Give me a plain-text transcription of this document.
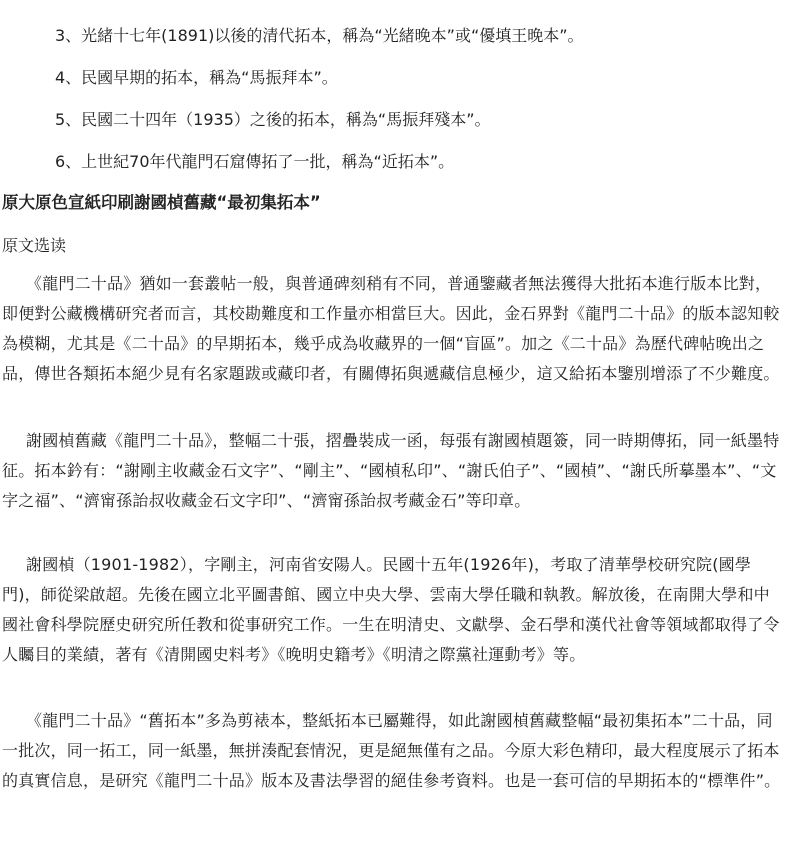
3、光緒十七年(1891)以後的清代拓本，稱為“光緒晚本”或“優填王晚本”。
4、民國早期的拓本，稱為“馬振拜本”。
5、民國二十四年（1935）之後的拓本，稱為“馬振拜殘本”。
6、上世紀70年代龍門石窟傳拓了一批，稱為“近拓本”。
原大原色宣紙印刷謝國楨舊藏“最初集拓本”
原文选读

《龍門二十品》猶如一套叢帖一般，與普通碑刻稍有不同，普通鑒藏者無法獲得大批拓本進行版本比對，即便對公藏機構研究者而言，其校勘難度和工作量亦相當巨大。因此，金石界對《龍門二十品》的版本認知較為模糊，尤其是《二十品》的早期拓本，幾乎成為收藏界的一個“盲區”。加之《二十品》為歷代碑帖晚出之品，傳世各類拓本絕少見有名家題跋或藏印者，有關傳拓與遞藏信息極少，這又給拓本鑒別增添了不少難度。

謝國楨舊藏《龍門二十品》，整幅二十張，摺疊裝成一函，每張有謝國楨題簽，同一時期傳拓，同一紙墨特征。拓本鈐有：“謝剛主收藏金石文字”、“剛主”、“國楨私印”、“謝氏伯子”、“國楨”、“謝氏所摹墨本”、“文字之福”、“濟甯孫詒叔收藏金石文字印”、“濟甯孫詒叔考藏金石”等印章。

謝國楨（1901-1982），字剛主，河南省安陽人。民國十五年(1926年)，考取了清華學校研究院(國學門)，師從梁啟超。先後在國立北平圖書館、國立中央大學、雲南大學任職和執教。解放後，在南開大學和中國社會科學院歷史研究所任教和從事研究工作。一生在明清史、文獻學、金石學和漢代社會等領域都取得了令人矚目的業績，著有《清開國史料考》《晚明史籍考》《明清之際黨社運動考》等。

《龍門二十品》“舊拓本”多為剪裱本，整紙拓本已屬難得，如此謝國楨舊藏整幅“最初集拓本”二十品，同一批次，同一拓工，同一紙墨，無拼湊配套情況，更是絕無僅有之品。今原大彩色精印，最大程度展示了拓本的真實信息，是研究《龍門二十品》版本及書法學習的絕佳參考資料。也是一套可信的早期拓本的“標準件”。
